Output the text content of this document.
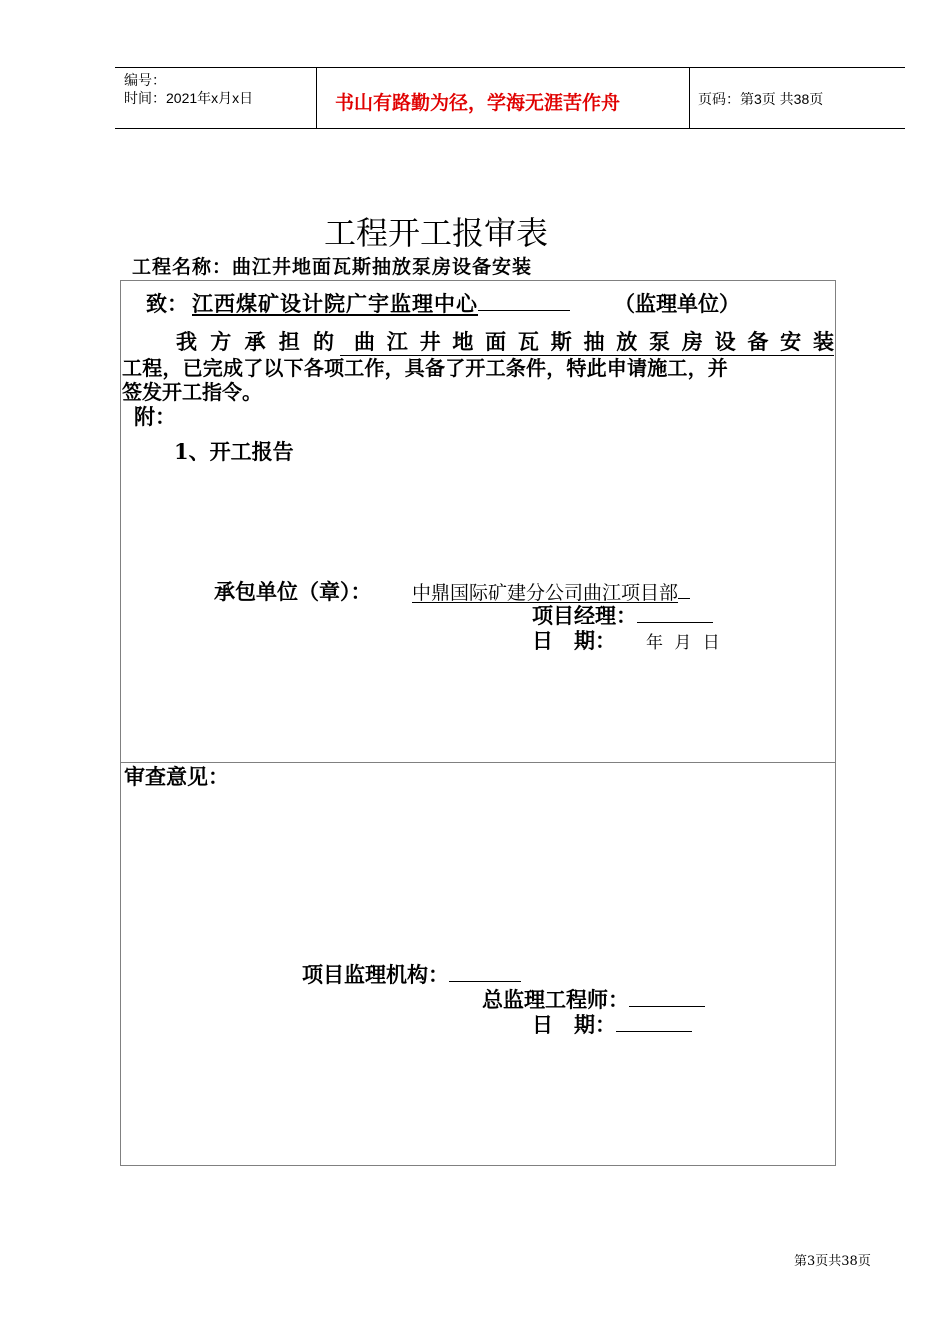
编号：
时间：2021年x月x日	书山有路勤为径，学海无涯苦作舟	页码：第3页 共38页
工程开工报审表
工程名称：曲江井地面瓦斯抽放泵房设备安装
致： 江西煤矿设计院广宇监理中心	（监理单位）
我 方 承 担 的 曲 江 井 地 面 瓦 斯 抽 放 泵 房 设 备 安 装
工程，已完成了以下各项工作，具备了开工条件，特此申请施工，并
签发开工指令。
附：
1、开工报告
承包单位（章）： 中鼎国际矿建分公司曲江项目部
项目经理：
日　期： 年 月 日
审查意见：
项目监理机构：
总监理工程师：
日　期：
第3页共38页
